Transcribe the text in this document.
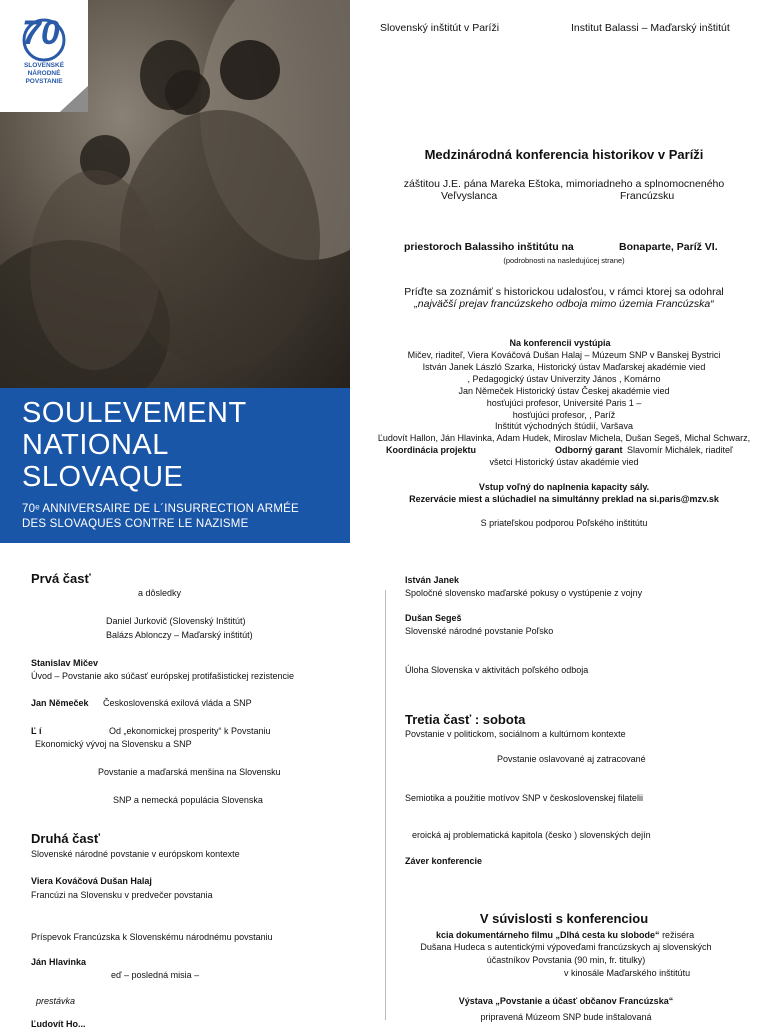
70
SLOVENSKÉ
NÁRODNÉ
POVSTANIE
SOULEVEMENT
NATIONAL
SLOVAQUE
70ᵉ ANNIVERSAIRE DE L´INSURRECTION ARMÉE
DES SLOVAQUES CONTRE LE NAZISME
Slovenský inštitút v Paríži	Institut Balassi – Maďarský inštitút
Medzinárodná konferencia historikov v Paríži
záštitou J.E. pána Mareka Eštoka, mimoriadneho a splnomocneného
Veľvyslanca	Francúzsku
priestoroch Balassiho inštitútu na	Bonaparte, Paríž VI.
(podrobnosti na nasledujúcej strane)
Príďte sa zoznámiť s historickou udalosťou, v rámci ktorej sa odohral
„najväčší prejav francúzskeho odboja mimo územia Francúzska“
Na konferencii vystúpia
Mičev, riaditeľ, Viera Kováčová Dušan Halaj – Múzeum SNP v Banskej Bystrici
István Janek László Szarka, Historický ústav Maďarskej akadémie vied
, Pedagogický ústav Univerzity János , Komárno
Jan Němeček Historický ústav Českej akadémie vied
hosťujúci profesor, Université Paris 1 –
hosťujúci profesor, , Paríž
Inštitút východných štúdií, Varšava
Ľudovít Hallon, Ján Hlavinka, Adam Hudek, Miroslav Michela, Dušan Segeš, Michal Schwarz,
Koordinácia projektu	Odborný garant Slavomír Michálek, riaditeľ
všetci Historický ústav akadémie vied
Vstup voľný do naplnenia kapacity sály.
Rezervácie miest a slúchadiel na simultánny preklad na si.paris@mzv.sk
S priateľskou podporou Poľského inštitútu
Prvá časť
a dôsledky
Daniel Jurkovič (Slovenský Inštitút)
Balázs Ablonczy – Maďarský inštitút)
Stanislav Mičev
Úvod – Povstanie ako súčasť európskej protifašistickej rezistencie
Jan Němeček Československá exilová vláda a SNP
Ľ í	Od „ekonomickej prosperity“ k Povstaniu
Ekonomický vývoj na Slovensku a SNP
Povstanie a maďarská menšina na Slovensku
SNP a nemecká populácia Slovenska
Druhá časť
Slovenské národné povstanie v európskom kontexte
Viera Kováčová Dušan Halaj
Francúzi na Slovensku v predvečer povstania
Príspevok Francúzska k Slovenskému národnému povstaniu
Ján Hlavinka
eď – posledná misia –
prestávka
Ľudovít Ho...
István Janek
Spoločné slovensko maďarské pokusy o vystúpenie z vojny
Dušan Segeš
Slovenské národné povstanie Poľsko
Úloha Slovenska v aktivitách poľského odboja
Tretia časť : sobota
Povstanie v politickom, sociálnom a kultúrnom kontexte
Povstanie oslavované aj zatracované
Semiotika a použitie motívov SNP v československej filatelii
eroická aj problematická kapitola (česko ) slovenských dejín
Záver konferencie
V súvislosti s konferenciou
kcia dokumentárneho filmu „Dlhá cesta ku slobode“ režiséra
Dušana Hudeca s autentickými výpoveďami francúzskych aj slovenských
účastníkov Povstania (90 min, fr. titulky)
v kinosále Maďarského inštitútu
Výstava „Povstanie a účasť občanov Francúzska“
pripravená Múzeom SNP bude inštalovaná
